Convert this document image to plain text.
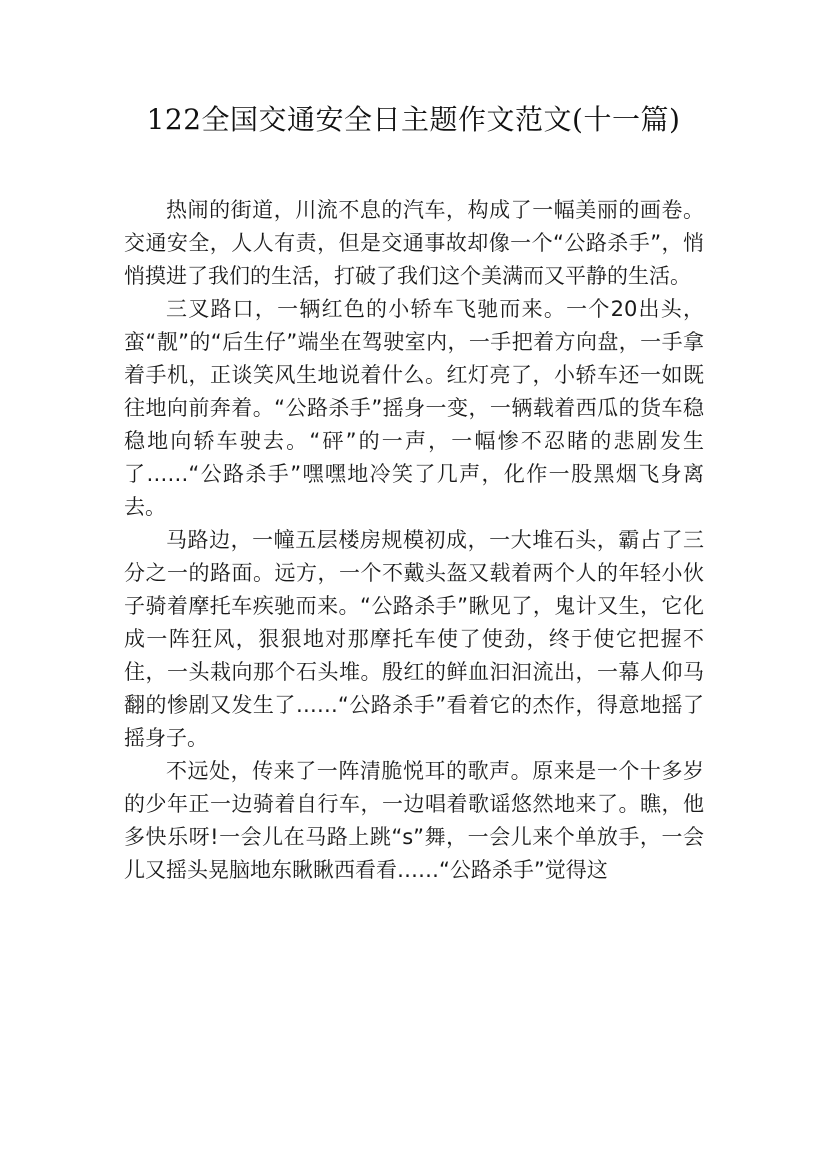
122全国交通安全日主题作文范文(十一篇)

热闹的街道，川流不息的汽车，构成了一幅美丽的画卷。交通安全，人人有责，但是交通事故却像一个“公路杀手”，悄悄摸进了我们的生活，打破了我们这个美满而又平静的生活。

三叉路口，一辆红色的小轿车飞驰而来。一个20出头，蛮“靓”的“后生仔”端坐在驾驶室内，一手把着方向盘，一手拿着手机，正谈笑风生地说着什么。红灯亮了，小轿车还一如既往地向前奔着。“公路杀手”摇身一变，一辆载着西瓜的货车稳稳地向轿车驶去。“砰”的一声，一幅惨不忍睹的悲剧发生了……“公路杀手”嘿嘿地冷笑了几声，化作一股黑烟飞身离去。

马路边，一幢五层楼房规模初成，一大堆石头，霸占了三分之一的路面。远方，一个不戴头盔又载着两个人的年轻小伙子骑着摩托车疾驰而来。“公路杀手”瞅见了，鬼计又生，它化成一阵狂风，狠狠地对那摩托车使了使劲，终于使它把握不住，一头栽向那个石头堆。殷红的鲜血汩汩流出，一幕人仰马翻的惨剧又发生了……“公路杀手”看着它的杰作，得意地摇了摇身子。

不远处，传来了一阵清脆悦耳的歌声。原来是一个十多岁的少年正一边骑着自行车，一边唱着歌谣悠然地来了。瞧，他多快乐呀!一会儿在马路上跳“s”舞，一会儿来个单放手，一会儿又摇头晃脑地东瞅瞅西看看……“公路杀手”觉得这
